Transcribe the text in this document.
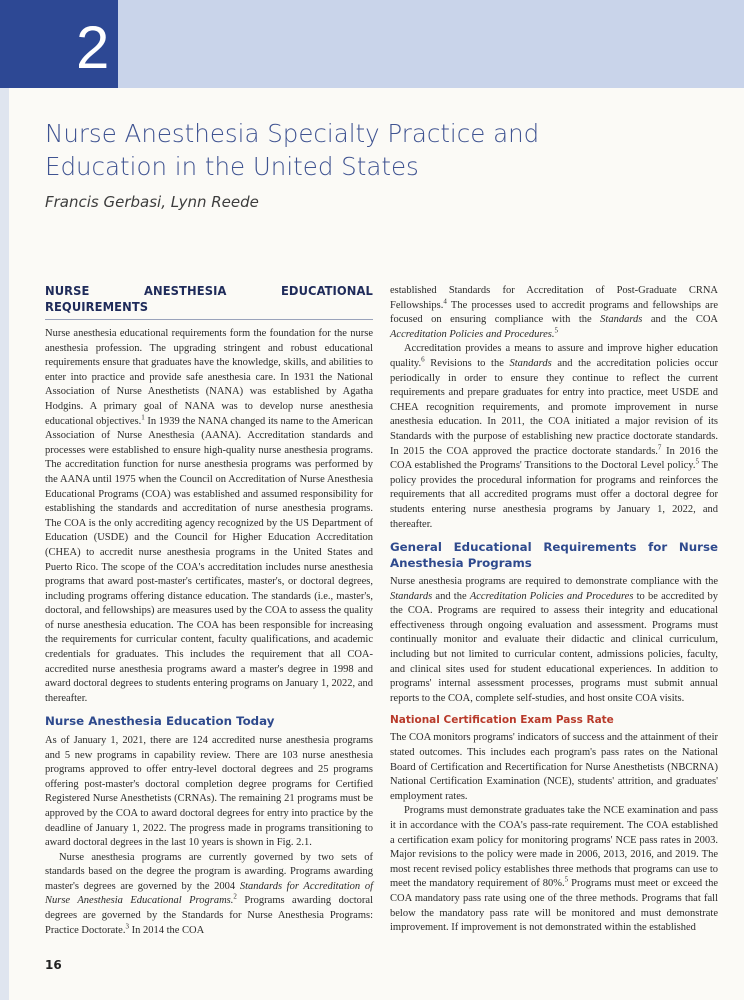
2
Nurse Anesthesia Specialty Practice and Education in the United States
Francis Gerbasi, Lynn Reede
NURSE ANESTHESIA EDUCATIONAL REQUIREMENTS

Nurse anesthesia educational requirements form the foundation for the nurse anesthesia profession. The upgrading stringent and robust educational requirements ensure that graduates have the knowledge, skills, and abilities to enter into practice and provide safe anesthesia care. In 1931 the National Association of Nurse Anesthetists (NANA) was established by Agatha Hodgins. A primary goal of NANA was to develop nurse anesthesia educational objectives.$^1$ In 1939 the NANA changed its name to the American Association of Nurse Anesthesia (AANA). Accreditation standards and processes were established to ensure high-quality nurse anesthesia programs. The accreditation function for nurse anesthesia programs was performed by the AANA until 1975 when the Council on Accreditation of Nurse Anesthesia Educational Programs (COA) was established and assumed responsibility for establishing the standards and accreditation of nurse anesthesia programs. The COA is the only accrediting agency recognized by the US Department of Education (USDE) and the Council for Higher Education Accreditation (CHEA) to accredit nurse anesthesia programs in the United States and Puerto Rico. The scope of the COA's accreditation includes nurse anesthesia programs that award post-master's certificates, master's, or doctoral degrees, including programs offering distance education. The standards (i.e., master's, doctoral, and fellowships) are measures used by the COA to assess the quality of nurse anesthesia education. The COA has been responsible for increasing the requirements for curricular content, faculty qualifications, and academic credentials for graduates. This includes the requirement that all COA-accredited nurse anesthesia programs award a master's degree in 1998 and award doctoral degrees to students entering programs on January 1, 2022, and thereafter.

Nurse Anesthesia Education Today

As of January 1, 2021, there are 124 accredited nurse anesthesia programs and 5 new programs in capability review. There are 103 nurse anesthesia programs approved to offer entry-level doctoral degrees and 25 programs offering post-master's doctoral completion degree programs for Certified Registered Nurse Anesthetists (CRNAs). The remaining 21 programs must be approved by the COA to award doctoral degrees for entry into practice by the deadline of January 1, 2022. The progress made in programs transitioning to award doctoral degrees in the last 10 years is shown in Fig. 2.1.

Nurse anesthesia programs are currently governed by two sets of standards based on the degree the program is awarding. Programs awarding master's degrees are governed by the 2004 Standards for Accreditation of Nurse Anesthesia Educational Programs.$^2$ Programs awarding doctoral degrees are governed by the Standards for Nurse Anesthesia Programs: Practice Doctorate.$^3$ In 2014 the COA

established Standards for Accreditation of Post-Graduate CRNA Fellowships.$^4$ The processes used to accredit programs and fellowships are focused on ensuring compliance with the Standards and the COA Accreditation Policies and Procedures.$^5$

Accreditation provides a means to assure and improve higher education quality.$^6$ Revisions to the Standards and the accreditation policies occur periodically in order to ensure they continue to reflect the current requirements and prepare graduates for entry into practice, meet USDE and CHEA recognition requirements, and promote improvement in nurse anesthesia education. In 2011, the COA initiated a major revision of its Standards with the purpose of establishing new practice doctorate standards. In 2015 the COA approved the practice doctorate standards.$^7$ In 2016 the COA established the Programs' Transitions to the Doctoral Level policy.$^5$ The policy provides the procedural information for programs and reinforces the requirements that all accredited programs must offer a doctoral degree for students entering nurse anesthesia programs by January 1, 2022, and thereafter.

General Educational Requirements for Nurse Anesthesia Programs

Nurse anesthesia programs are required to demonstrate compliance with the Standards and the Accreditation Policies and Procedures to be accredited by the COA. Programs are required to assess their integrity and educational effectiveness through ongoing evaluation and assessment. Programs must continually monitor and evaluate their didactic and clinical curriculum, including but not limited to curricular content, admissions policies, faculty, and clinical sites used for student educational experiences. In addition to programs' internal assessment processes, programs must submit annual reports to the COA, complete self-studies, and host onsite COA visits.

National Certification Exam Pass Rate

The COA monitors programs' indicators of success and the attainment of their stated outcomes. This includes each program's pass rates on the National Board of Certification and Recertification for Nurse Anesthetists (NBCRNA) National Certification Examination (NCE), students' attrition, and graduates' employment rates.

Programs must demonstrate graduates take the NCE examination and pass it in accordance with the COA's pass-rate requirement. The COA established a certification exam policy for monitoring programs' NCE pass rates in 2003. Major revisions to the policy were made in 2006, 2013, 2016, and 2019. The most recent revised policy establishes three methods that programs can use to meet the mandatory requirement of 80%.$^5$ Programs must meet or exceed the COA mandatory pass rate using one of the three methods. Programs that fall below the mandatory pass rate will be monitored and must demonstrate improvement. If improvement is not demonstrated within the established

16
